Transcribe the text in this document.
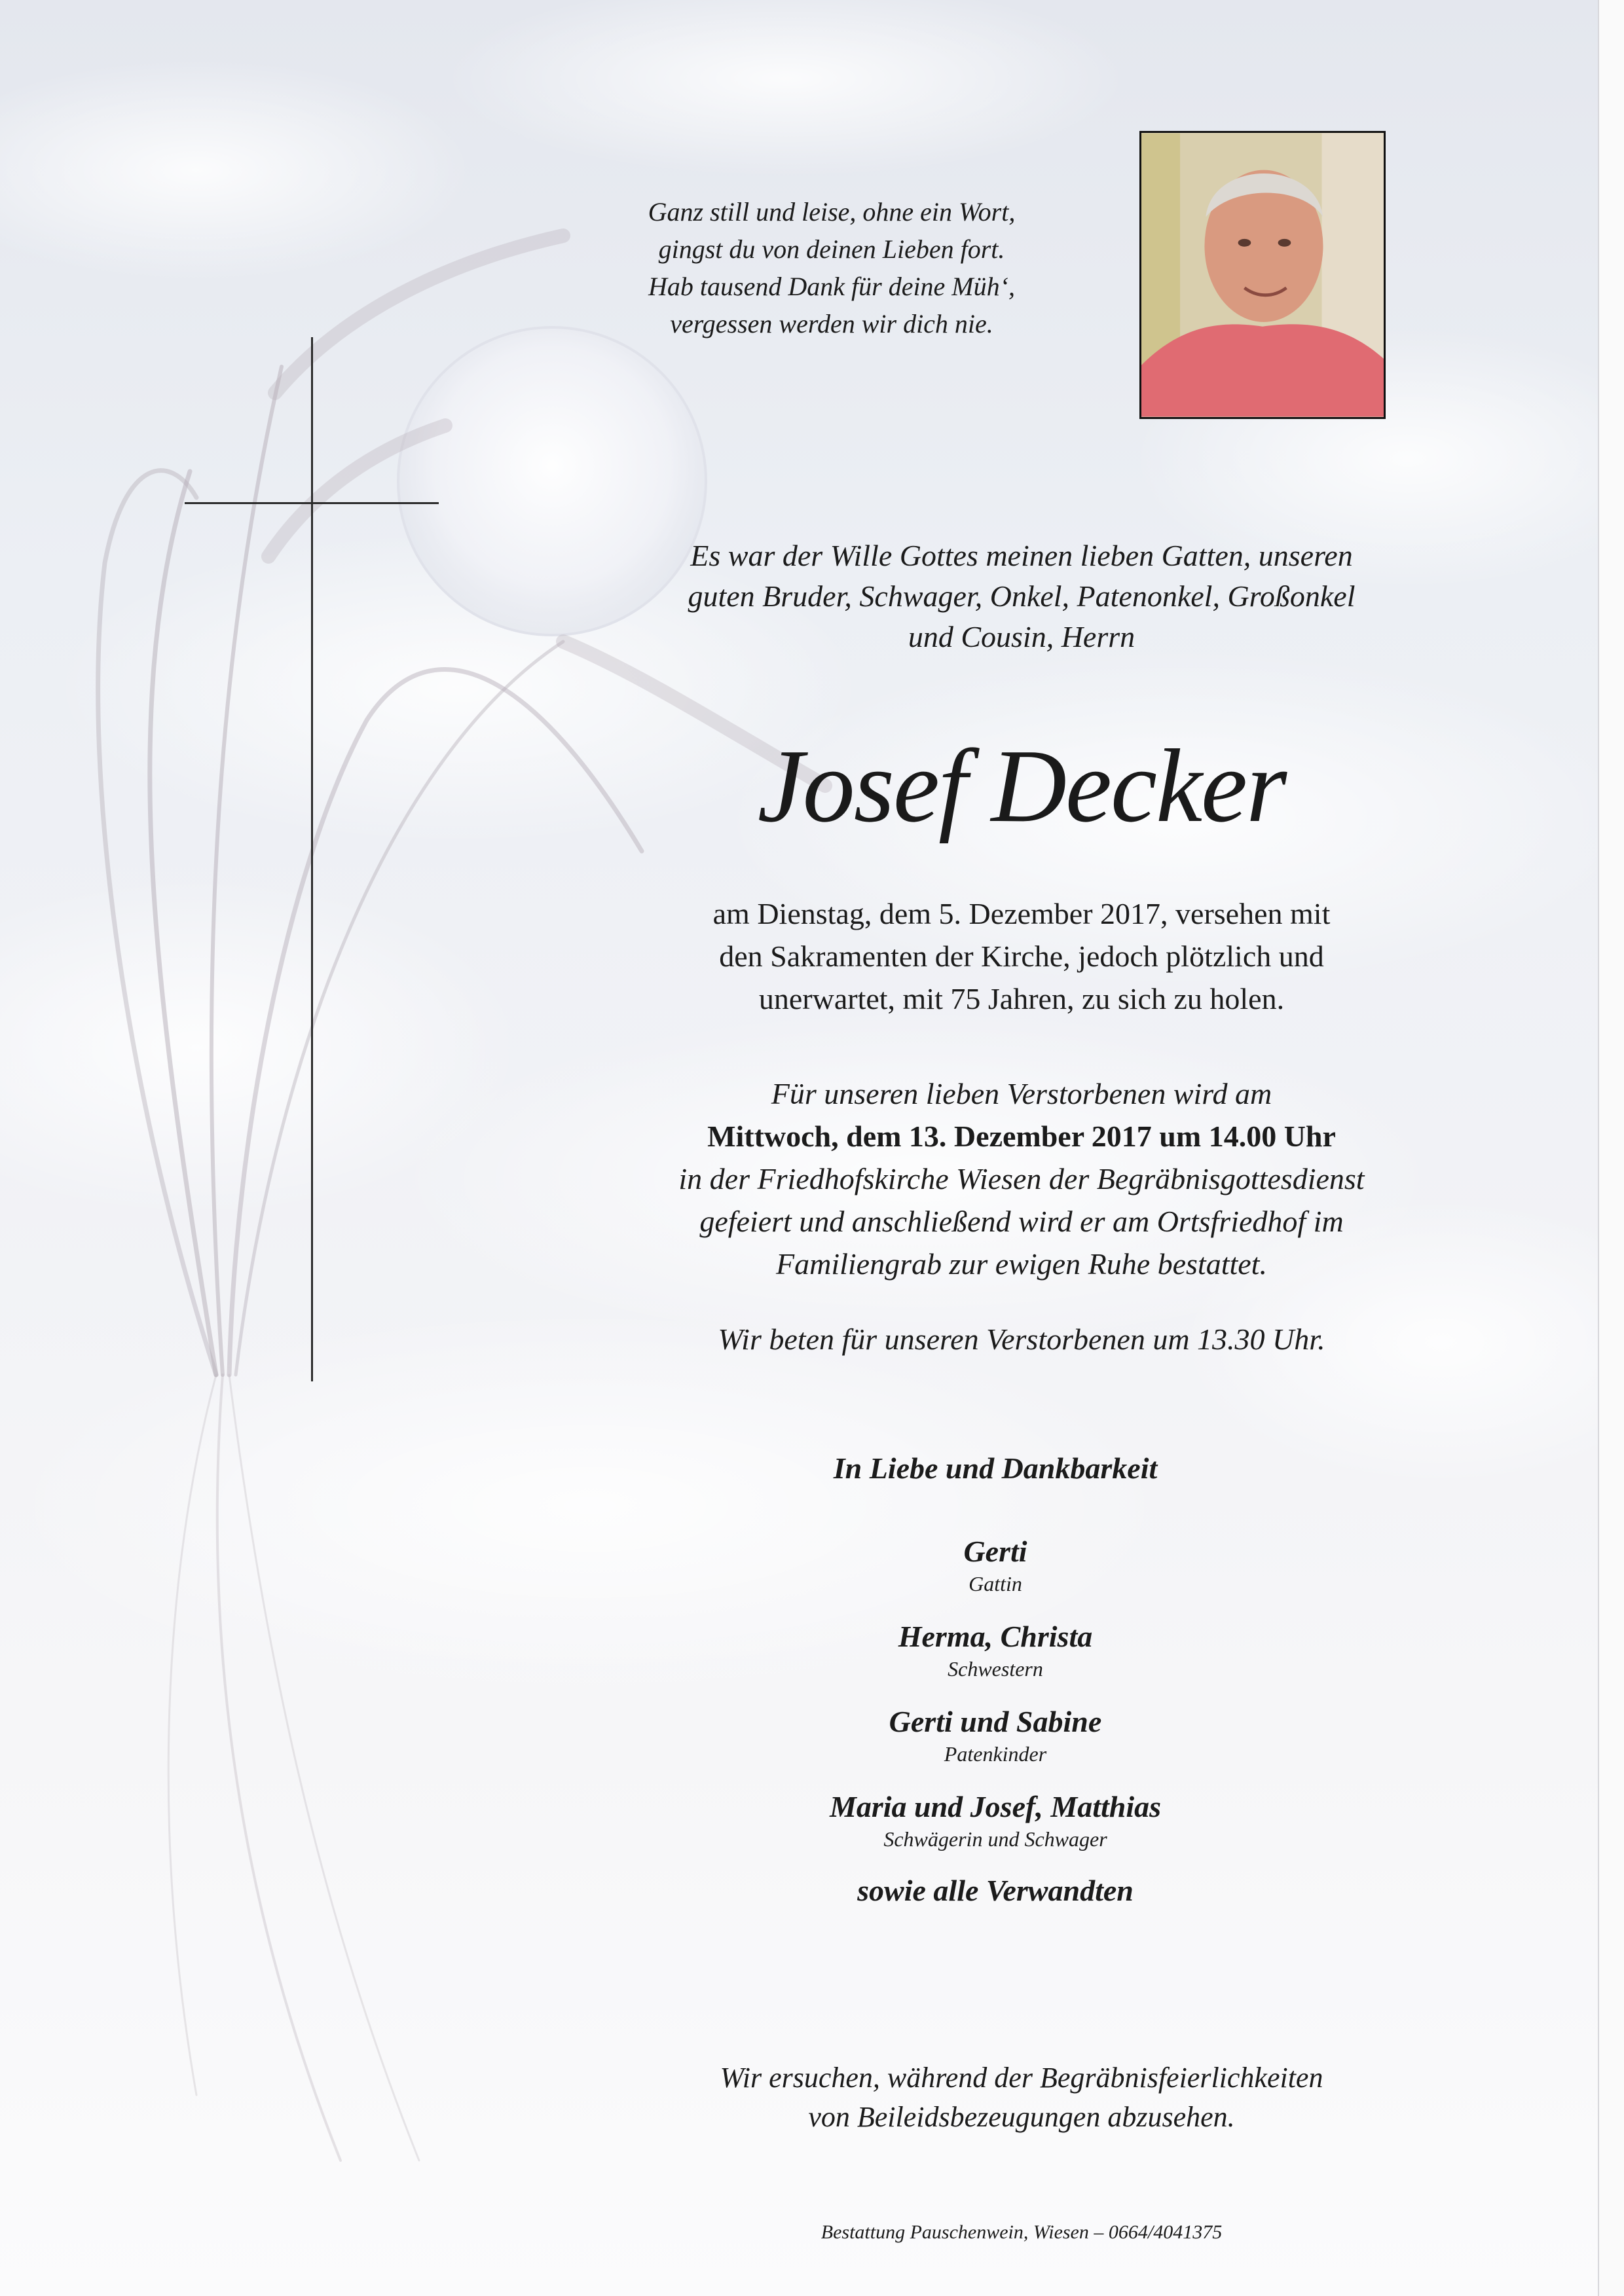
Ganz still und leise, ohne ein Wort,
gingst du von deinen Lieben fort.
Hab tausend Dank für deine Müh‘,
vergessen werden wir dich nie.
Es war der Wille Gottes meinen lieben Gatten, unseren
guten Bruder, Schwager, Onkel, Patenonkel, Großonkel
und Cousin, Herrn
Josef Decker
am Dienstag, dem 5. Dezember 2017, versehen mit
den Sakramenten der Kirche, jedoch plötzlich und
unerwartet, mit 75 Jahren, zu sich zu holen.
Für unseren lieben Verstorbenen wird am
Mittwoch, dem 13. Dezember 2017 um 14.00 Uhr
in der Friedhofskirche Wiesen der Begräbnisgottesdienst
gefeiert und anschließend wird er am Ortsfriedhof im
Familiengrab zur ewigen Ruhe bestattet.
Wir beten für unseren Verstorbenen um 13.30 Uhr.
In Liebe und Dankbarkeit
Gerti
Gattin
Herma, Christa
Schwestern
Gerti und Sabine
Patenkinder
Maria und Josef, Matthias
Schwägerin und Schwager
sowie alle Verwandten
Wir ersuchen, während der Begräbnisfeierlichkeiten
von Beileidsbezeugungen abzusehen.
Bestattung Pauschenwein, Wiesen – 0664/4041375
